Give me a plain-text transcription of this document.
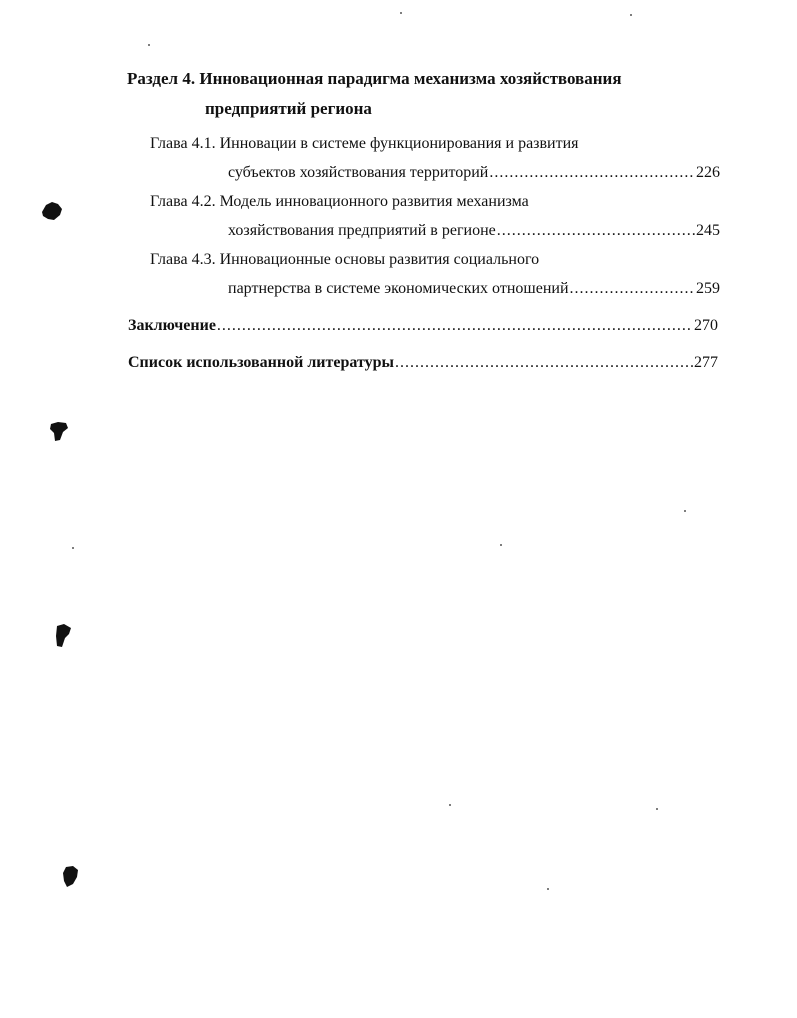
Раздел 4. Инновационная парадигма механизма хозяйствования
предприятий региона
Глава 4.1. Инновации в системе функционирования и развития
субъектов хозяйствования территорий .....	226
Глава 4.2. Модель инновационного развития механизма
хозяйствования предприятий в регионе .....	245
Глава 4.3. Инновационные основы развития социального
партнерства в системе экономических отношений .....	259
Заключение .....	270
Список использованной литературы .....	277
